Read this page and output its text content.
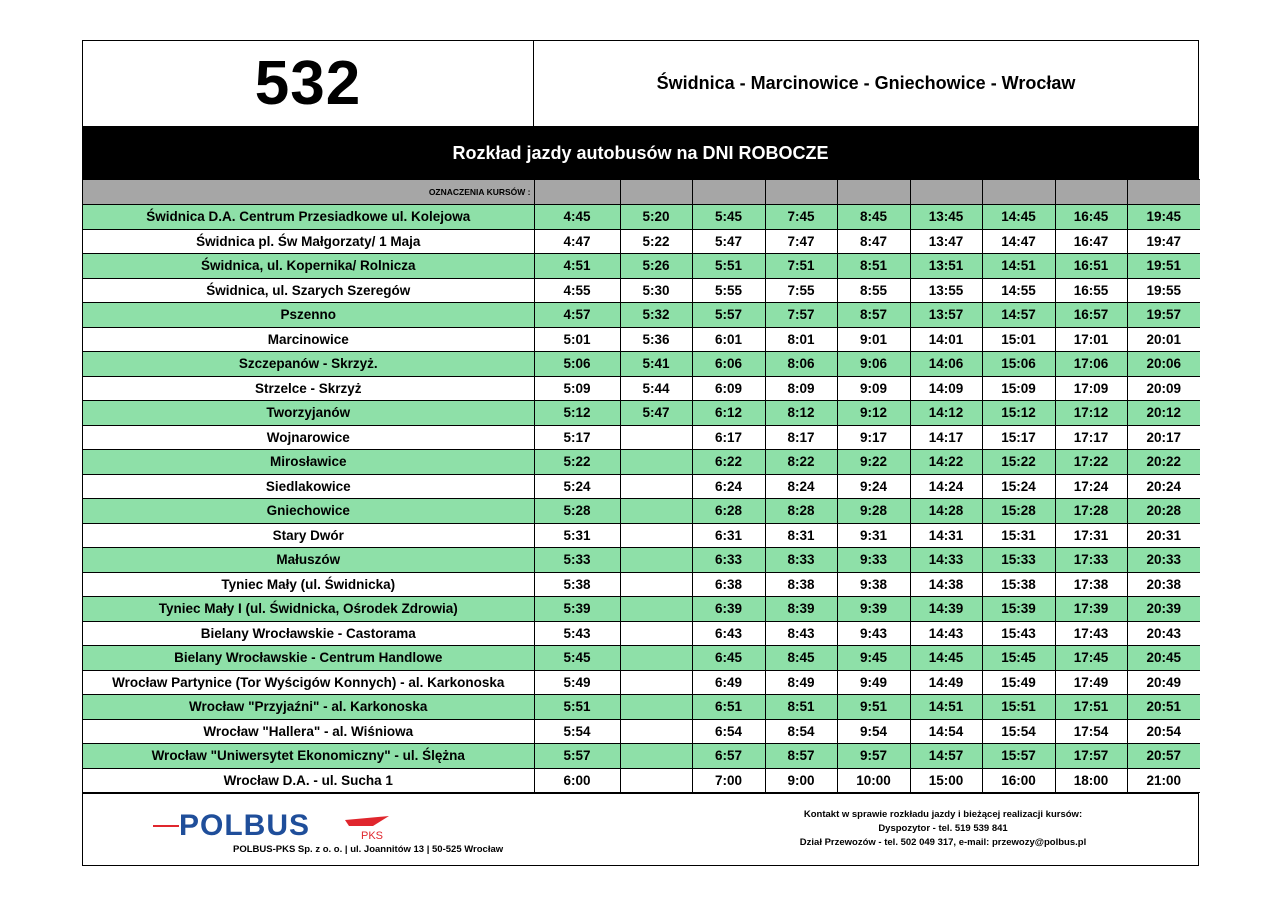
532	Świdnica - Marcinowice - Gniechowice - Wrocław
Rozkład jazdy autobusów na DNI ROBOCZE
OZNACZENIA KURSÓW :									
Świdnica D.A. Centrum Przesiadkowe ul. Kolejowa	4:45	5:20	5:45	7:45	8:45	13:45	14:45	16:45	19:45
Świdnica pl. Św Małgorzaty/ 1 Maja	4:47	5:22	5:47	7:47	8:47	13:47	14:47	16:47	19:47
Świdnica, ul. Kopernika/ Rolnicza	4:51	5:26	5:51	7:51	8:51	13:51	14:51	16:51	19:51
Świdnica, ul. Szarych Szeregów	4:55	5:30	5:55	7:55	8:55	13:55	14:55	16:55	19:55
Pszenno	4:57	5:32	5:57	7:57	8:57	13:57	14:57	16:57	19:57
Marcinowice	5:01	5:36	6:01	8:01	9:01	14:01	15:01	17:01	20:01
Szczepanów - Skrzyż.	5:06	5:41	6:06	8:06	9:06	14:06	15:06	17:06	20:06
Strzelce - Skrzyż	5:09	5:44	6:09	8:09	9:09	14:09	15:09	17:09	20:09
Tworzyjanów	5:12	5:47	6:12	8:12	9:12	14:12	15:12	17:12	20:12
Wojnarowice	5:17		6:17	8:17	9:17	14:17	15:17	17:17	20:17
Mirosławice	5:22		6:22	8:22	9:22	14:22	15:22	17:22	20:22
Siedlakowice	5:24		6:24	8:24	9:24	14:24	15:24	17:24	20:24
Gniechowice	5:28		6:28	8:28	9:28	14:28	15:28	17:28	20:28
Stary Dwór	5:31		6:31	8:31	9:31	14:31	15:31	17:31	20:31
Małuszów	5:33		6:33	8:33	9:33	14:33	15:33	17:33	20:33
Tyniec Mały (ul. Świdnicka)	5:38		6:38	8:38	9:38	14:38	15:38	17:38	20:38
Tyniec Mały I (ul. Świdnicka, Ośrodek Zdrowia)	5:39		6:39	8:39	9:39	14:39	15:39	17:39	20:39
Bielany Wrocławskie - Castorama	5:43		6:43	8:43	9:43	14:43	15:43	17:43	20:43
Bielany Wrocławskie - Centrum Handlowe	5:45		6:45	8:45	9:45	14:45	15:45	17:45	20:45
Wrocław Partynice (Tor Wyścigów Konnych) - al. Karkonoska	5:49		6:49	8:49	9:49	14:49	15:49	17:49	20:49
Wrocław "Przyjaźni" - al. Karkonoska	5:51		6:51	8:51	9:51	14:51	15:51	17:51	20:51
Wrocław "Hallera" - al. Wiśniowa	5:54		6:54	8:54	9:54	14:54	15:54	17:54	20:54
Wrocław "Uniwersytet Ekonomiczny" - ul. Ślężna	5:57		6:57	8:57	9:57	14:57	15:57	17:57	20:57
Wrocław D.A. - ul. Sucha 1	6:00		7:00	9:00	10:00	15:00	16:00	18:00	21:00
POLBUS	PKS
POLBUS-PKS Sp. z o. o. | ul. Joannitów 13 | 50-525 Wrocław
Kontakt w sprawie rozkładu jazdy i bieżącej realizacji kursów:
Dyspozytor - tel. 519 539 841
Dział Przewozów - tel. 502 049 317, e-mail: przewozy@polbus.pl
